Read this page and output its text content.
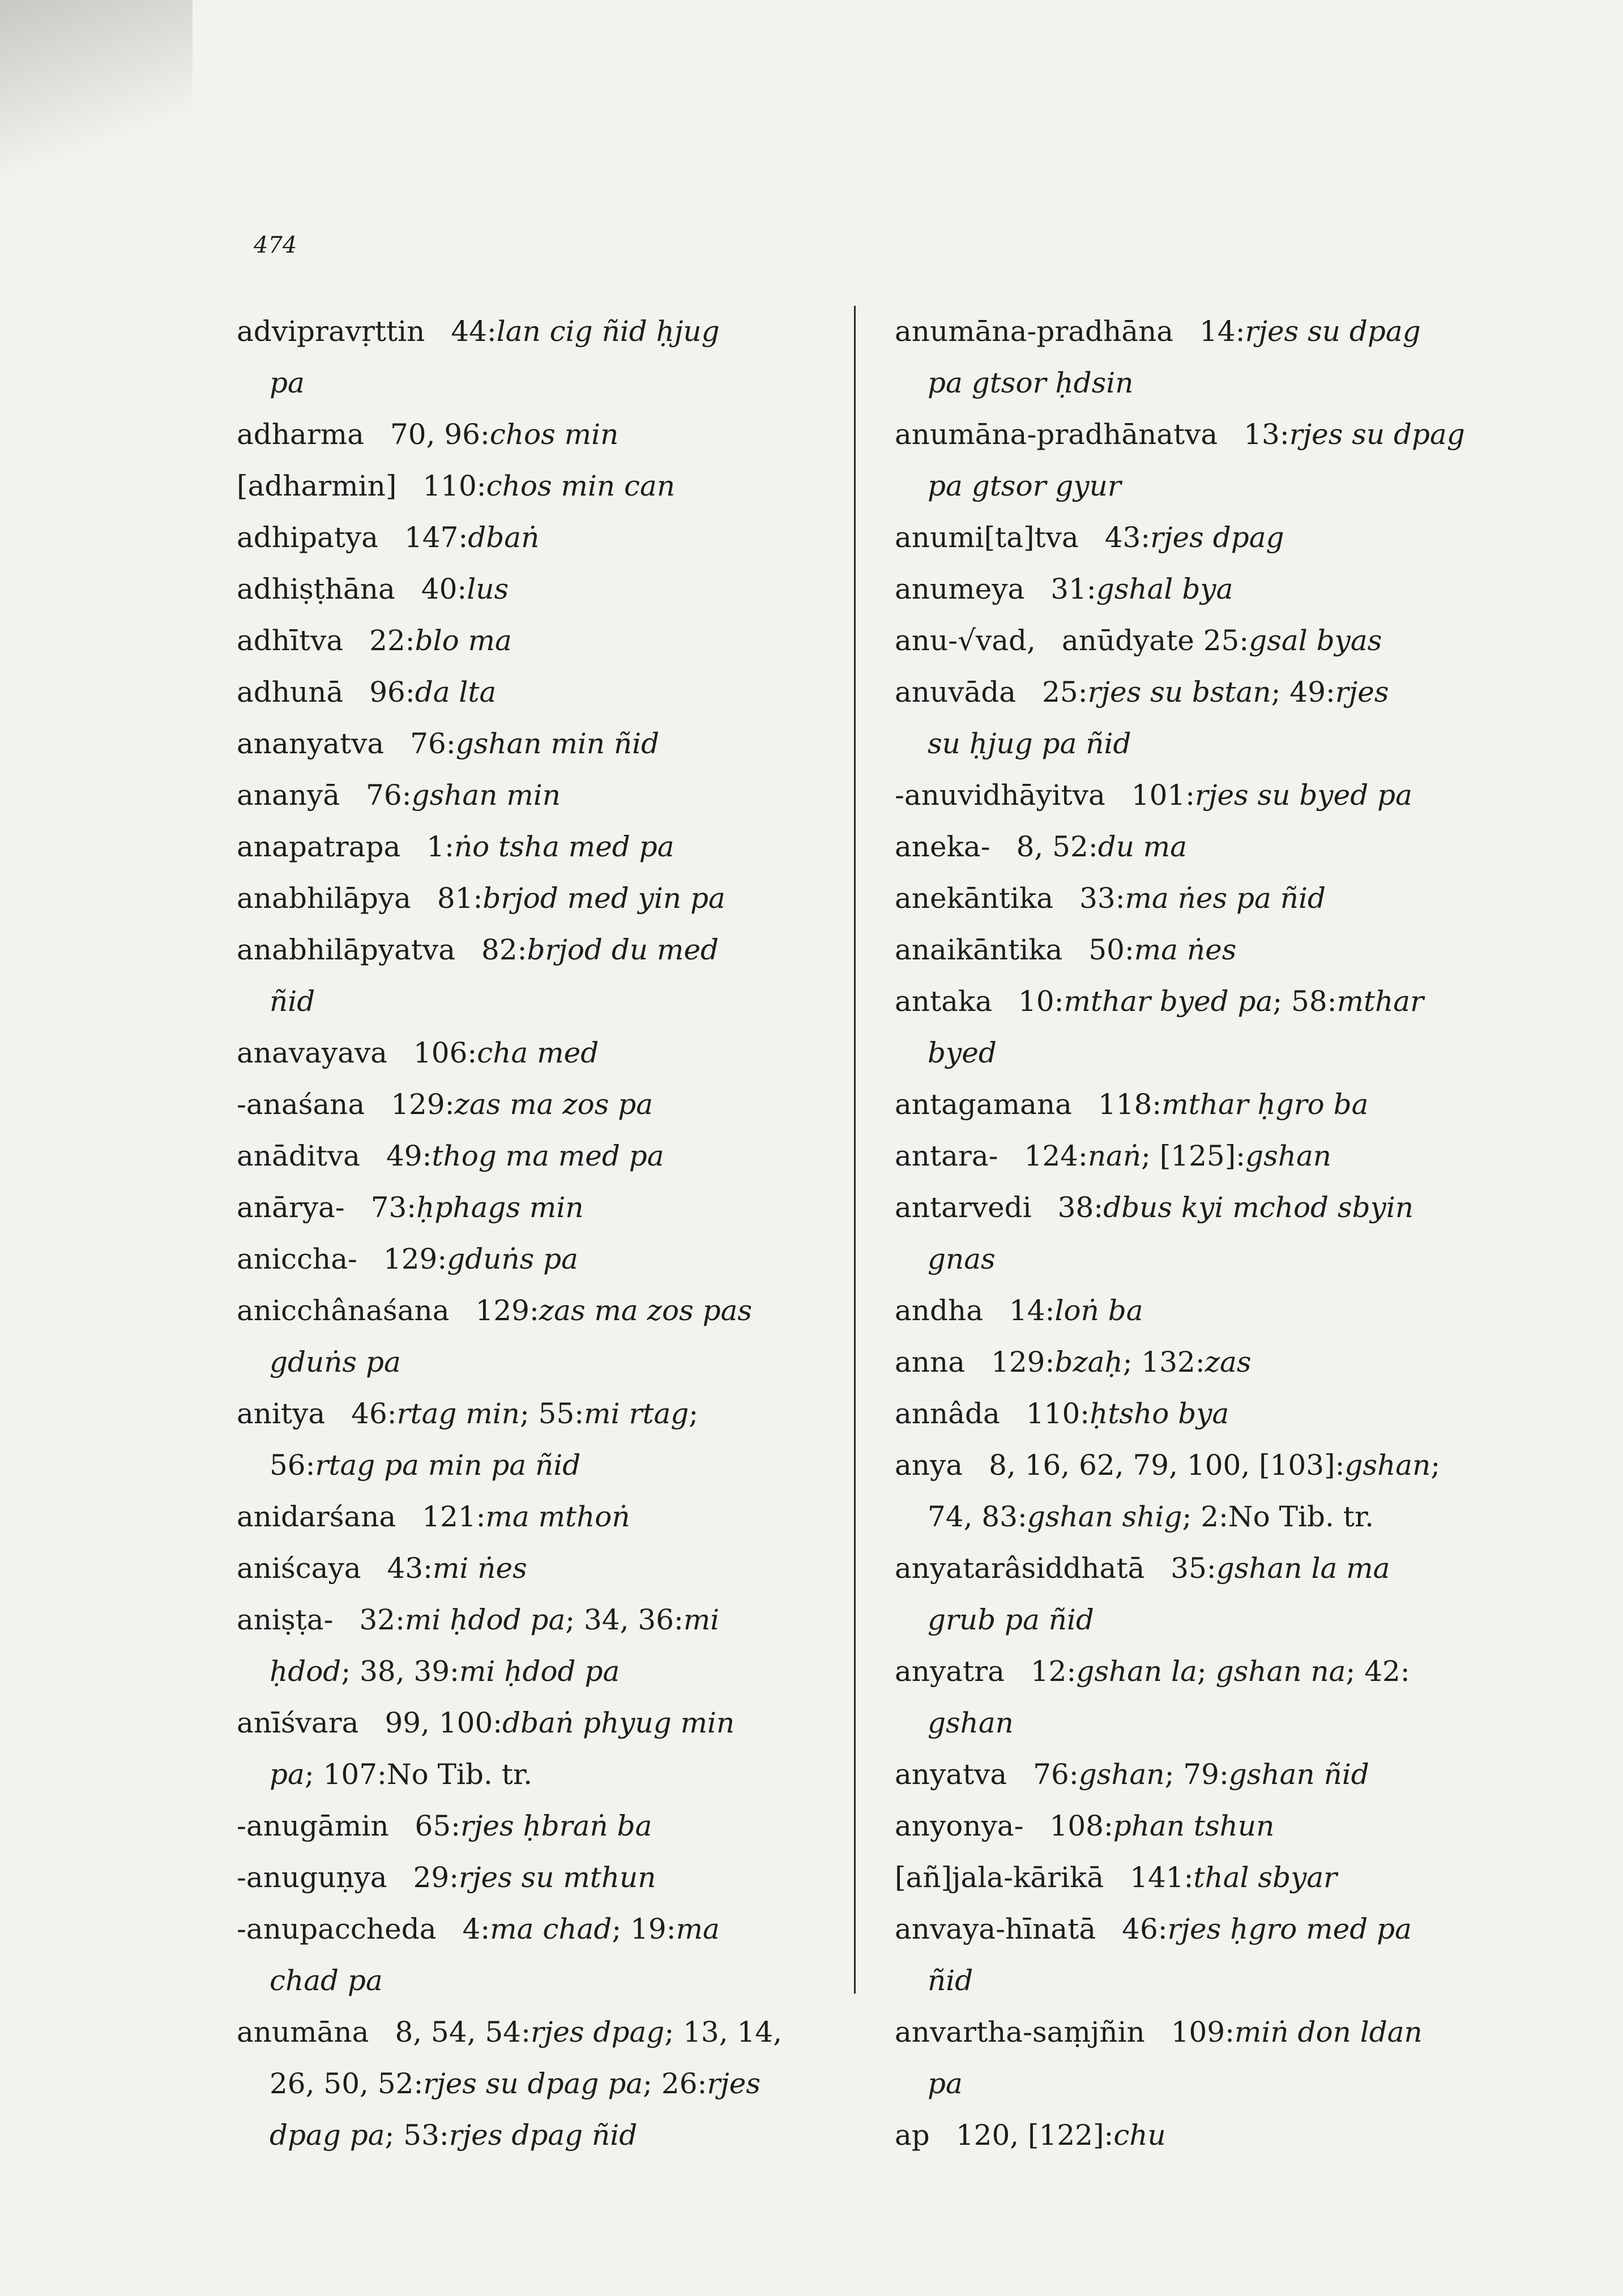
474
advipravṛttin 44:lan cig ñid ḥjug
pa
adharma 70, 96:chos min
[adharmin] 110:chos min can
adhipatya 147:dbaṅ
adhiṣṭhāna 40:lus
adhītva 22:blo ma
adhunā 96:da lta
ananyatva 76:gshan min ñid
ananyā 76:gshan min
anapatrapa 1:ṅo tsha med pa
anabhilāpya 81:brjod med yin pa
anabhilāpyatva 82:brjod du med
ñid
anavayava 106:cha med
-anaśana 129:zas ma zos pa
anāditva 49:thog ma med pa
anārya- 73:ḥphags min
aniccha- 129:gduṅs pa
anicchânaśana 129:zas ma zos pas
gduṅs pa
anitya 46:rtag min; 55:mi rtag;
56:rtag pa min pa ñid
anidarśana 121:ma mthoṅ
aniścaya 43:mi ṅes
aniṣṭa- 32:mi ḥdod pa; 34, 36:mi
ḥdod; 38, 39:mi ḥdod pa
anīśvara 99, 100:dbaṅ phyug min
pa; 107:No Tib. tr.
-anugāmin 65:rjes ḥbraṅ ba
-anuguṇya 29:rjes su mthun
-anupaccheda 4:ma chad; 19:ma
chad pa
anumāna 8, 54, 54:rjes dpag; 13, 14,
26, 50, 52:rjes su dpag pa; 26:rjes
dpag pa; 53:rjes dpag ñid
anumāna-pradhāna 14:rjes su dpag
pa gtsor ḥdsin
anumāna-pradhānatva 13:rjes su dpag
pa gtsor gyur
anumi[ta]tva 43:rjes dpag
anumeya 31:gshal bya
anu-√vad, anūdyate 25:gsal byas
anuvāda 25:rjes su bstan; 49:rjes
su ḥjug pa ñid
-anuvidhāyitva 101:rjes su byed pa
aneka- 8, 52:du ma
anekāntika 33:ma ṅes pa ñid
anaikāntika 50:ma ṅes
antaka 10:mthar byed pa; 58:mthar
byed
antagamana 118:mthar ḥgro ba
antara- 124:naṅ; [125]:gshan
antarvedi 38:dbus kyi mchod sbyin
gnas
andha 14:loṅ ba
anna 129:bzaḥ; 132:zas
annâda 110:ḥtsho bya
anya 8, 16, 62, 79, 100, [103]:gshan;
74, 83:gshan shig; 2:No Tib. tr.
anyatarâsiddhatā 35:gshan la ma
grub pa ñid
anyatra 12:gshan la; gshan na; 42:
gshan
anyatva 76:gshan; 79:gshan ñid
anyonya- 108:phan tshun
[añ]jala-kārikā 141:thal sbyar
anvaya-hīnatā 46:rjes ḥgro med pa
ñid
anvartha-saṃjñin 109:miṅ don ldan
pa
ap 120, [122]:chu
